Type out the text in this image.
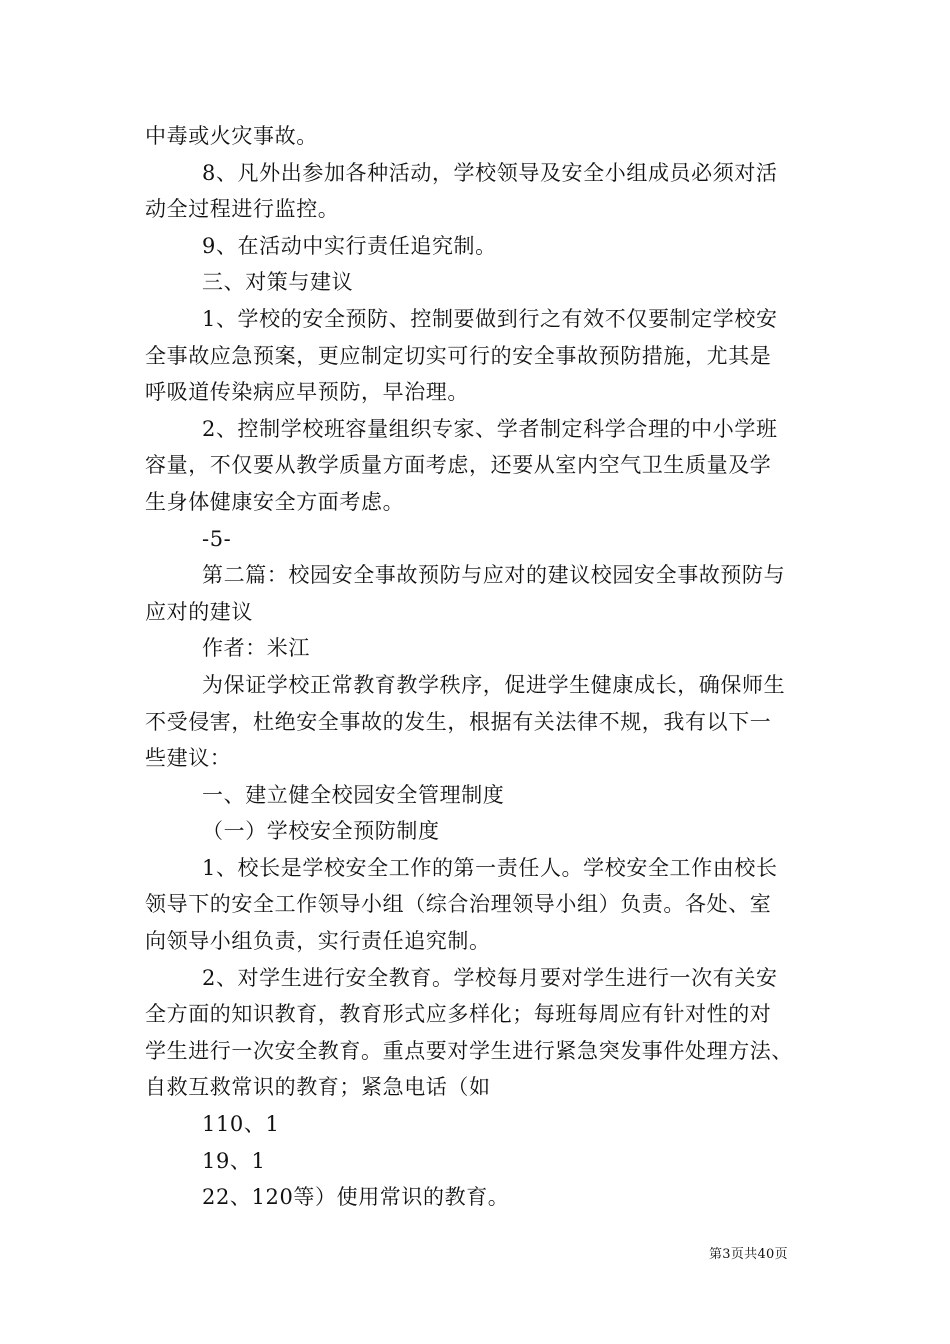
中毒或火灾事故。
8、凡外出参加各种活动，学校领导及安全小组成员必须对活
动全过程进行监控。
9、在活动中实行责任追究制。
三、对策与建议
1、学校的安全预防、控制要做到行之有效不仅要制定学校安
全事故应急预案，更应制定切实可行的安全事故预防措施，尤其是
呼吸道传染病应早预防，早治理。
2、控制学校班容量组织专家、学者制定科学合理的中小学班
容量，不仅要从教学质量方面考虑，还要从室内空气卫生质量及学
生身体健康安全方面考虑。
-5-
第二篇：校园安全事故预防与应对的建议校园安全事故预防与
应对的建议
作者：米江
为保证学校正常教育教学秩序，促进学生健康成长，确保师生
不受侵害，杜绝安全事故的发生，根据有关法律不规，我有以下一
些建议：
一、建立健全校园安全管理制度
（一）学校安全预防制度
1、校长是学校安全工作的第一责任人。学校安全工作由校长
领导下的安全工作领导小组（综合治理领导小组）负责。各处、室
向领导小组负责，实行责任追究制。
2、对学生进行安全教育。学校每月要对学生进行一次有关安
全方面的知识教育，教育形式应多样化；每班每周应有针对性的对
学生进行一次安全教育。重点要对学生进行紧急突发事件处理方法、
自救互救常识的教育；紧急电话（如
110、1
19、1
22、120等）使用常识的教育。
第3页共40页
